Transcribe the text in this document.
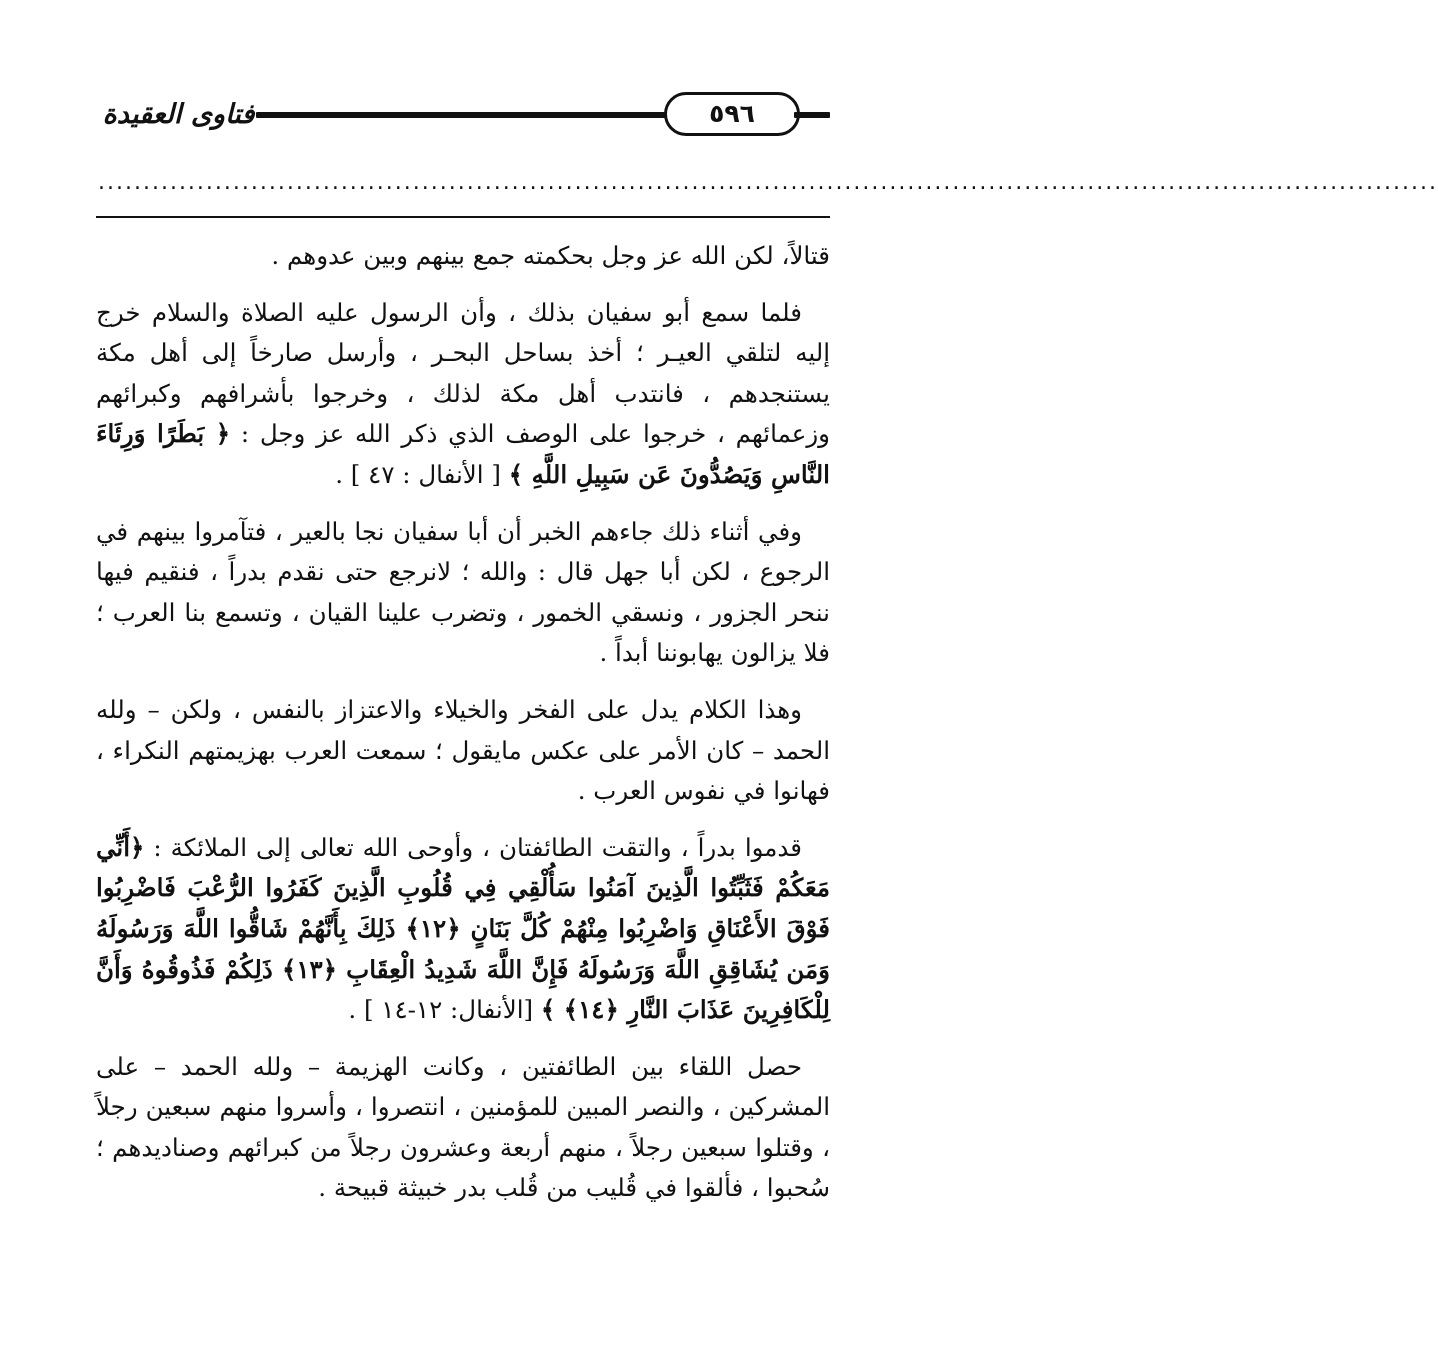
فتاوى العقيدة	٥٩٦
.....................................................................................................................................................

قتالاً، لكن الله عز وجل بحكمته جمع بينهم وبين عدوهم .

فلما سمع أبو سفيان بذلك ، وأن الرسول عليه الصلاة والسلام خرج إليه لتلقي العيـر ؛ أخذ بساحل البحـر ، وأرسل صارخاً إلى أهل مكة يستنجدهم ، فانتدب أهل مكة لذلك ، وخرجوا بأشرافهم وكبرائهم وزعمائهم ، خرجوا على الوصف الذي ذكر الله عز وجل : ﴿ بَطَرًا وَرِئَاءَ النَّاسِ وَيَصُدُّونَ عَن سَبِيلِ اللَّهِ ﴾ [ الأنفال : ٤٧ ] .

وفي أثناء ذلك جاءهم الخبر أن أبا سفيان نجا بالعير ، فتآمروا بينهم في الرجوع ، لكن أبا جهل قال : والله ؛ لانرجع حتى نقدم بدراً ، فنقيم فيها ننحر الجزور ، ونسقي الخمور ، وتضرب علينا القيان ، وتسمع بنا العرب ؛ فلا يزالون يهابوننا أبداً .

وهذا الكلام يدل على الفخر والخيلاء والاعتزاز بالنفس ، ولكن – ولله الحمد – كان الأمر على عكس مايقول ؛ سمعت العرب بهزيمتهم النكراء ، فهانوا في نفوس العرب .

قدموا بدراً ، والتقت الطائفتان ، وأوحى الله تعالى إلى الملائكة : ﴿أَنِّي مَعَكُمْ فَثَبِّتُوا الَّذِينَ آمَنُوا سَأُلْقِي فِي قُلُوبِ الَّذِينَ كَفَرُوا الرُّعْبَ فَاضْرِبُوا فَوْقَ الأَعْنَاقِ وَاضْرِبُوا مِنْهُمْ كُلَّ بَنَانٍ ﴿١٢﴾ ذَلِكَ بِأَنَّهُمْ شَاقُّوا اللَّهَ وَرَسُولَهُ وَمَن يُشَاقِقِ اللَّهَ وَرَسُولَهُ فَإِنَّ اللَّهَ شَدِيدُ الْعِقَابِ ﴿١٣﴾ ذَلِكُمْ فَذُوقُوهُ وَأَنَّ لِلْكَافِرِينَ عَذَابَ النَّارِ ﴿١٤﴾ ﴾ [الأنفال: ١٢-١٤ ] .

حصل اللقاء بين الطائفتين ، وكانت الهزيمة – ولله الحمد – على المشركين ، والنصر المبين للمؤمنين ، انتصروا ، وأسروا منهم سبعين رجلاً ، وقتلوا سبعين رجلاً ، منهم أربعة وعشرون رجلاً من كبرائهم وصناديدهم ؛ سُحبوا ، فألقوا في قُليب من قُلب بدر خبيثة قبيحة .
